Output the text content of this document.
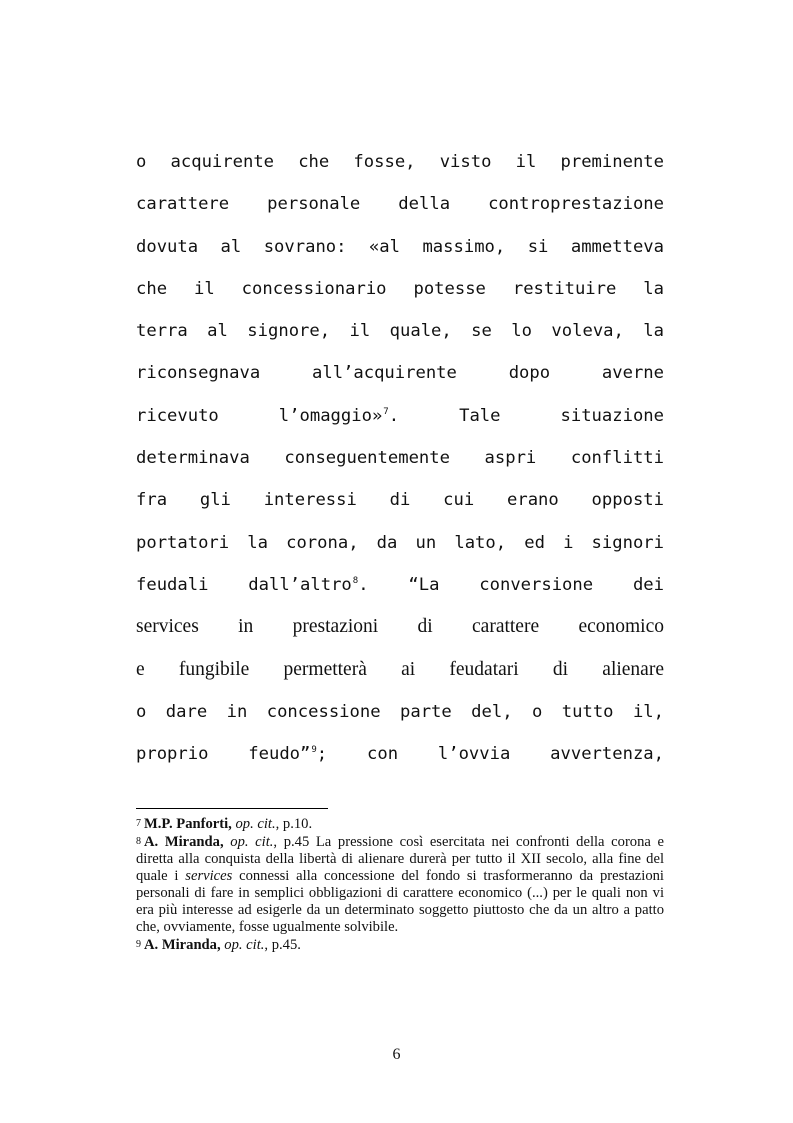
o acquirente che fosse, visto il preminente
carattere personale della controprestazione
dovuta al sovrano: «al massimo, si ammetteva
che il concessionario potesse restituire la
terra al signore, il quale, se lo voleva, la
riconsegnava all’acquirente dopo averne
ricevuto l’omaggio»$^7$. Tale situazione
determinava conseguentemente aspri conflitti
fra gli interessi di cui erano opposti
portatori la corona, da un lato, ed i signori
feudali dall’altro$^8$. “La conversione dei
services in prestazioni di carattere economico
e fungibile permetterà ai feudatari di alienare
o dare in concessione parte del, o tutto il,
proprio feudo”$^9$; con l’ovvia avvertenza,

7 M.P. Panforti, op. cit., p.10.

8 A. Miranda, op. cit., p.45 La pressione così esercitata nei confronti della corona e diretta alla conquista della libertà di alienare durerà per tutto il XII secolo, alla fine del quale i services connessi alla concessione del fondo si trasformeranno da prestazioni personali di fare in semplici obbligazioni di carattere economico (...) per le quali non vi era più interesse ad esigerle da un determinato soggetto piuttosto che da un altro a patto che, ovviamente, fosse ugualmente solvibile.

9 A. Miranda, op. cit., p.45.

6
